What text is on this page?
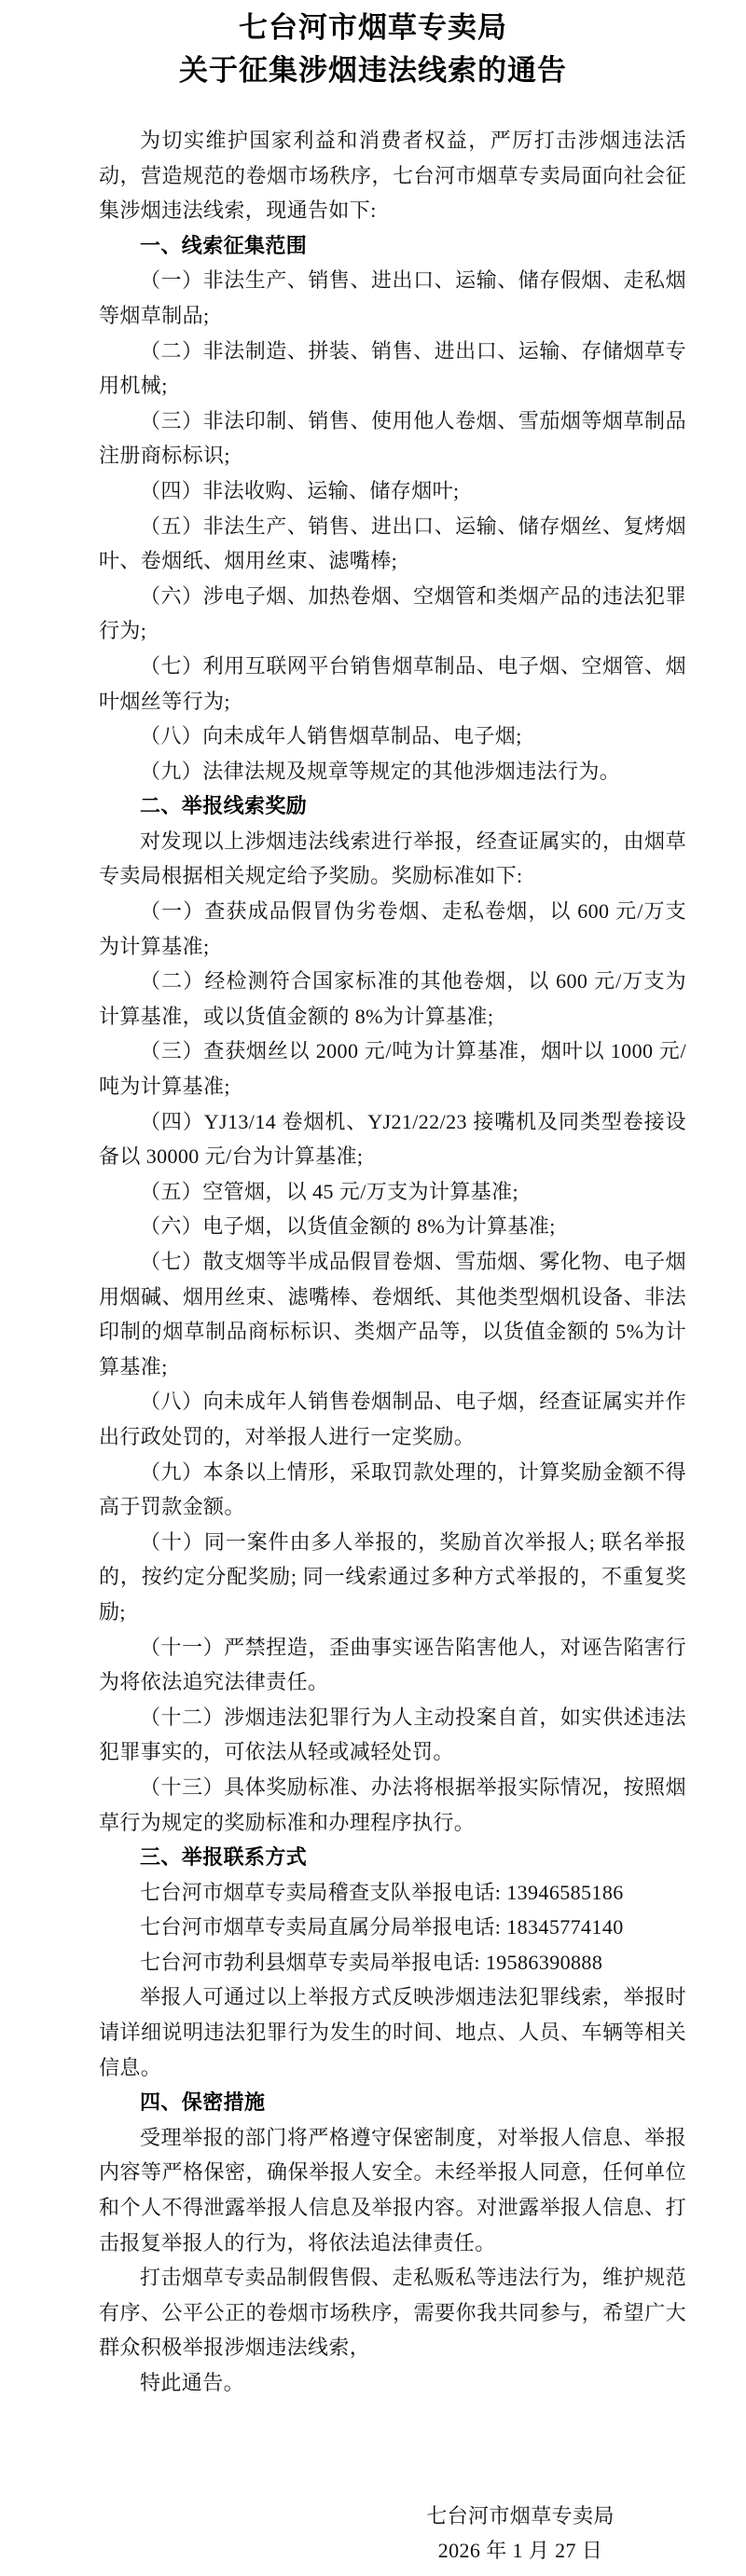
七台河市烟草专卖局
关于征集涉烟违法线索的通告

为切实维护国家利益和消费者权益，严厉打击涉烟违法活动，营造规范的卷烟市场秩序，七台河市烟草专卖局面向社会征集涉烟违法线索，现通告如下:

一、线索征集范围

（一）非法生产、销售、进出口、运输、储存假烟、走私烟等烟草制品;

（二）非法制造、拼装、销售、进出口、运输、存储烟草专用机械;

（三）非法印制、销售、使用他人卷烟、雪茄烟等烟草制品注册商标标识;

（四）非法收购、运输、储存烟叶;

（五）非法生产、销售、进出口、运输、储存烟丝、复烤烟叶、卷烟纸、烟用丝束、滤嘴棒;

（六）涉电子烟、加热卷烟、空烟管和类烟产品的违法犯罪行为;

（七）利用互联网平台销售烟草制品、电子烟、空烟管、烟叶烟丝等行为;

（八）向未成年人销售烟草制品、电子烟;

（九）法律法规及规章等规定的其他涉烟违法行为。

二、举报线索奖励

对发现以上涉烟违法线索进行举报，经查证属实的，由烟草专卖局根据相关规定给予奖励。奖励标准如下:

（一）查获成品假冒伪劣卷烟、走私卷烟，以 600 元/万支为计算基准;

（二）经检测符合国家标准的其他卷烟，以 600 元/万支为计算基准，或以货值金额的 8%为计算基准;

（三）查获烟丝以 2000 元/吨为计算基准，烟叶以 1000 元/吨为计算基准;

（四）YJ13/14 卷烟机、YJ21/22/23 接嘴机及同类型卷接设备以 30000 元/台为计算基准;

（五）空管烟，以 45 元/万支为计算基准;

（六）电子烟，以货值金额的 8%为计算基准;

（七）散支烟等半成品假冒卷烟、雪茄烟、雾化物、电子烟用烟碱、烟用丝束、滤嘴棒、卷烟纸、其他类型烟机设备、非法印制的烟草制品商标标识、类烟产品等，以货值金额的 5%为计算基准;

（八）向未成年人销售卷烟制品、电子烟，经查证属实并作出行政处罚的，对举报人进行一定奖励。

（九）本条以上情形，采取罚款处理的，计算奖励金额不得高于罚款金额。

（十）同一案件由多人举报的，奖励首次举报人; 联名举报的，按约定分配奖励; 同一线索通过多种方式举报的，不重复奖励;

（十一）严禁捏造，歪曲事实诬告陷害他人，对诬告陷害行为将依法追究法律责任。

（十二）涉烟违法犯罪行为人主动投案自首，如实供述违法犯罪事实的，可依法从轻或减轻处罚。

（十三）具体奖励标准、办法将根据举报实际情况，按照烟草行为规定的奖励标准和办理程序执行。

三、举报联系方式

七台河市烟草专卖局稽查支队举报电话: 13946585186

七台河市烟草专卖局直属分局举报电话: 18345774140

七台河市勃利县烟草专卖局举报电话: 19586390888

举报人可通过以上举报方式反映涉烟违法犯罪线索，举报时请详细说明违法犯罪行为发生的时间、地点、人员、车辆等相关信息。

四、保密措施

受理举报的部门将严格遵守保密制度，对举报人信息、举报内容等严格保密，确保举报人安全。未经举报人同意，任何单位和个人不得泄露举报人信息及举报内容。对泄露举报人信息、打击报复举报人的行为，将依法追法律责任。

打击烟草专卖品制假售假、走私贩私等违法行为，维护规范有序、公平公正的卷烟市场秩序，需要你我共同参与，希望广大群众积极举报涉烟违法线索，

特此通告。

七台河市烟草专卖局
2026 年 1 月 27 日
